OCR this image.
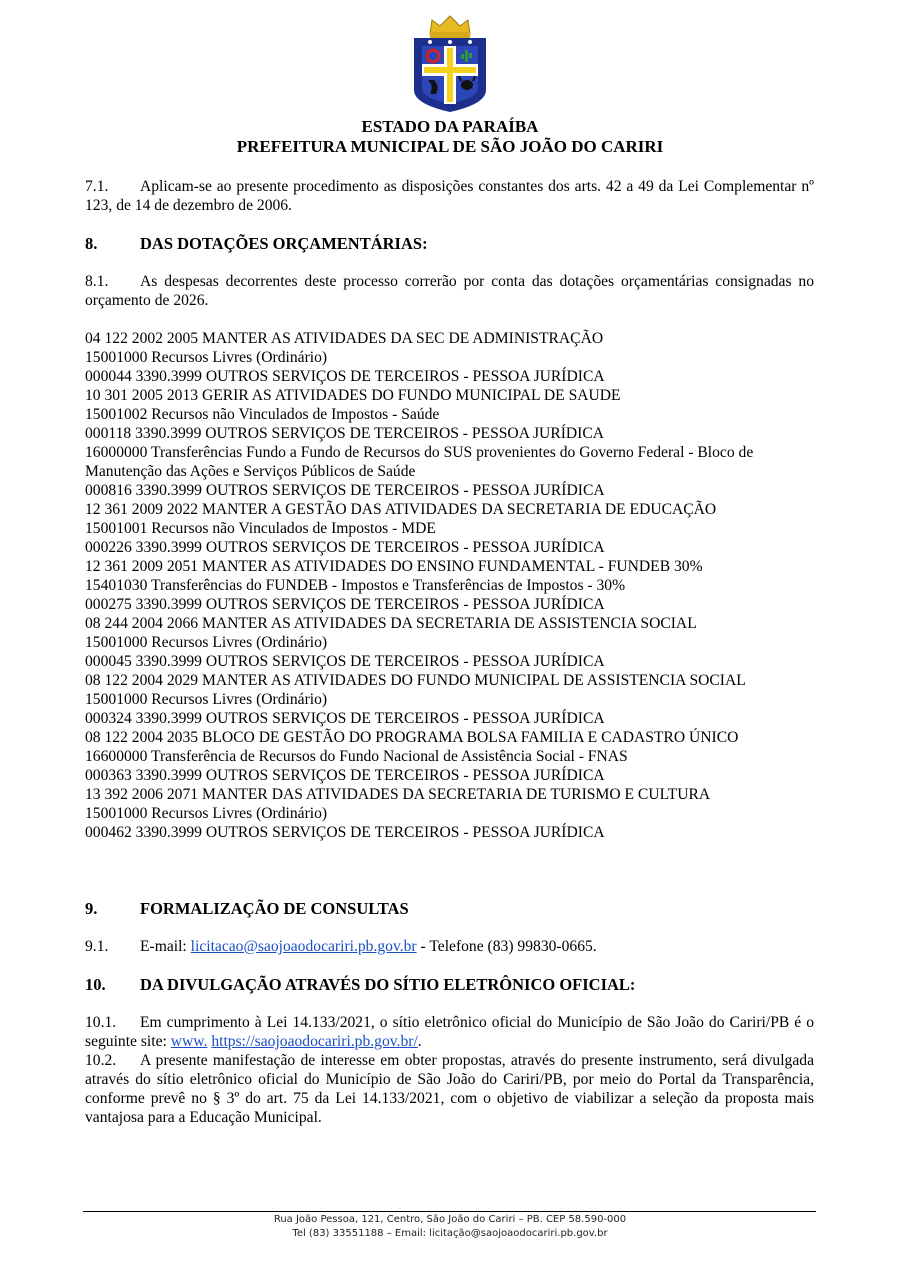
ESTADO DA PARAÍBA
PREFEITURA MUNICIPAL DE SÃO JOÃO DO CARIRI

7.1. Aplicam-se ao presente procedimento as disposições constantes dos arts. 42 a 49 da Lei Complementar nº 123, de 14 de dezembro de 2006.

8.	DAS DOTAÇÕES ORÇAMENTÁRIAS:

8.1. As despesas decorrentes deste processo correrão por conta das dotações orçamentárias consignadas no orçamento de 2026.

04 122 2002 2005 MANTER AS ATIVIDADES DA SEC DE ADMINISTRAÇÃO
15001000 Recursos Livres (Ordinário)
000044 3390.3999 OUTROS SERVIÇOS DE TERCEIROS - PESSOA JURÍDICA
10 301 2005 2013 GERIR AS ATIVIDADES DO FUNDO MUNICIPAL DE SAUDE
15001002 Recursos não Vinculados de Impostos - Saúde
000118 3390.3999 OUTROS SERVIÇOS DE TERCEIROS - PESSOA JURÍDICA
16000000 Transferências Fundo a Fundo de Recursos do SUS provenientes do Governo Federal - Bloco de Manutenção das Ações e Serviços Públicos de Saúde
000816 3390.3999 OUTROS SERVIÇOS DE TERCEIROS - PESSOA JURÍDICA
12 361 2009 2022 MANTER A GESTÃO DAS ATIVIDADES DA SECRETARIA DE EDUCAÇÃO
15001001 Recursos não Vinculados de Impostos - MDE
000226 3390.3999 OUTROS SERVIÇOS DE TERCEIROS - PESSOA JURÍDICA
12 361 2009 2051 MANTER AS ATIVIDADES DO ENSINO FUNDAMENTAL - FUNDEB 30%
15401030 Transferências do FUNDEB - Impostos e Transferências de Impostos - 30%
000275 3390.3999 OUTROS SERVIÇOS DE TERCEIROS - PESSOA JURÍDICA
08 244 2004 2066 MANTER AS ATIVIDADES DA SECRETARIA DE ASSISTENCIA SOCIAL
15001000 Recursos Livres (Ordinário)
000045 3390.3999 OUTROS SERVIÇOS DE TERCEIROS - PESSOA JURÍDICA
08 122 2004 2029 MANTER AS ATIVIDADES DO FUNDO MUNICIPAL DE ASSISTENCIA SOCIAL
15001000 Recursos Livres (Ordinário)
000324 3390.3999 OUTROS SERVIÇOS DE TERCEIROS - PESSOA JURÍDICA
08 122 2004 2035 BLOCO DE GESTÃO DO PROGRAMA BOLSA FAMILIA E CADASTRO ÚNICO
16600000 Transferência de Recursos do Fundo Nacional de Assistência Social - FNAS
000363 3390.3999 OUTROS SERVIÇOS DE TERCEIROS - PESSOA JURÍDICA
13 392 2006 2071 MANTER DAS ATIVIDADES DA SECRETARIA DE TURISMO E CULTURA
15001000 Recursos Livres (Ordinário)
000462 3390.3999 OUTROS SERVIÇOS DE TERCEIROS - PESSOA JURÍDICA

9.	FORMALIZAÇÃO DE CONSULTAS

9.1. E-mail: licitacao@saojoaodocariri.pb.gov.br - Telefone (83) 99830-0665.

10. DA DIVULGAÇÃO ATRAVÉS DO SÍTIO ELETRÔNICO OFICIAL:

10.1. Em cumprimento à Lei 14.133/2021, o sítio eletrônico oficial do Município de São João do Cariri/PB é o seguinte site: www. https://saojoaodocariri.pb.gov.br/.

10.2. A presente manifestação de interesse em obter propostas, através do presente instrumento, será divulgada através do sítio eletrônico oficial do Município de São João do Cariri/PB, por meio do Portal da Transparência, conforme prevê no § 3º do art. 75 da Lei 14.133/2021, com o objetivo de viabilizar a seleção da proposta mais vantajosa para a Educação Municipal.

Rua João Pessoa, 121, Centro, São João do Cariri – PB. CEP 58.590-000
Tel (83) 33551188 – Email: licitação@saojoaodocariri.pb.gov.br
